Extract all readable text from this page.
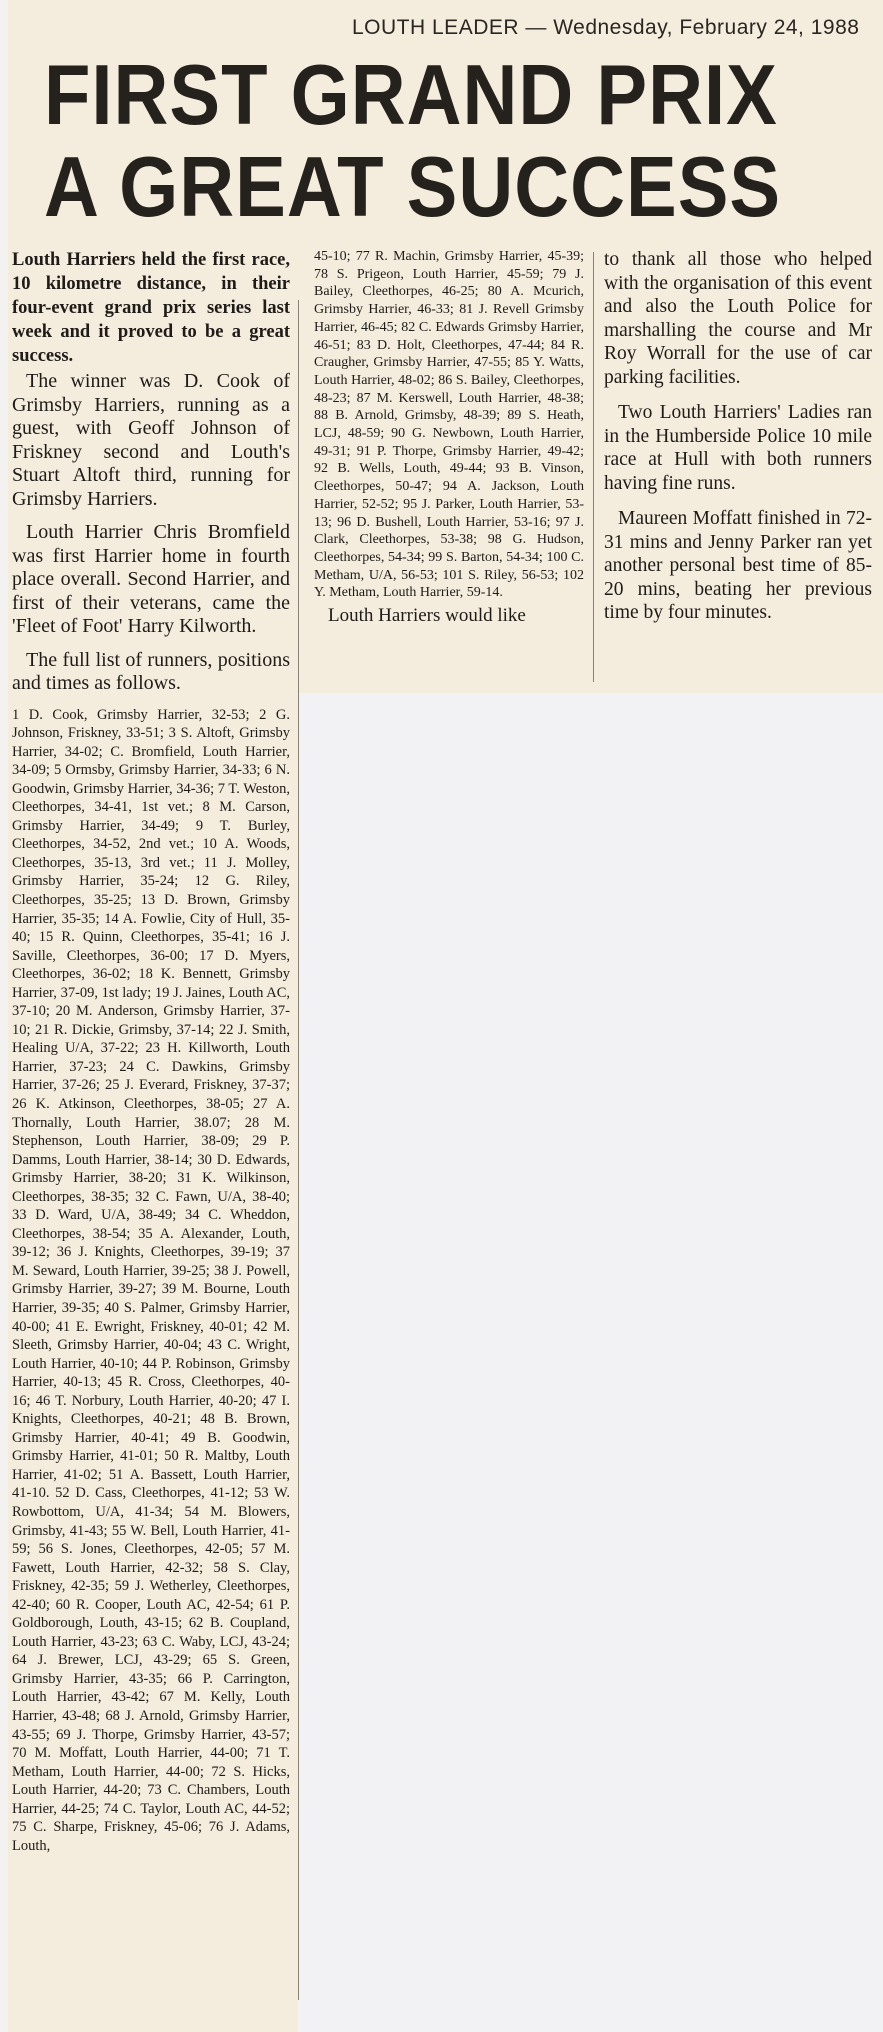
LOUTH LEADER — Wednesday, February 24, 1988
FIRST GRAND PRIX
A GREAT SUCCESS

Louth Harriers held the first race, 10 kilometre distance, in their four-event grand prix series last week and it proved to be a great success.

The winner was D. Cook of Grimsby Harriers, running as a guest, with Geoff Johnson of Friskney second and Louth's Stuart Altoft third, running for Grimsby Harriers.

Louth Harrier Chris Bromfield was first Harrier home in fourth place overall. Second Harrier, and first of their veterans, came the 'Fleet of Foot' Harry Kilworth.

The full list of runners, positions and times as follows.

1 D. Cook, Grimsby Harrier, 32-53; 2 G. Johnson, Friskney, 33-51; 3 S. Altoft, Grimsby Harrier, 34-02; C. Bromfield, Louth Harrier, 34-09; 5 Ormsby, Grimsby Harrier, 34-33; 6 N. Goodwin, Grimsby Harrier, 34-36; 7 T. Weston, Cleethorpes, 34-41, 1st vet.; 8 M. Carson, Grimsby Harrier, 34-49; 9 T. Burley, Cleethorpes, 34-52, 2nd vet.; 10 A. Woods, Cleethorpes, 35-13, 3rd vet.; 11 J. Molley, Grimsby Harrier, 35-24; 12 G. Riley, Cleethorpes, 35-25; 13 D. Brown, Grimsby Harrier, 35-35; 14 A. Fowlie, City of Hull, 35-40; 15 R. Quinn, Cleethorpes, 35-41; 16 J. Saville, Cleethorpes, 36-00; 17 D. Myers, Cleethorpes, 36-02; 18 K. Bennett, Grimsby Harrier, 37-09, 1st lady; 19 J. Jaines, Louth AC, 37-10; 20 M. Anderson, Grimsby Harrier, 37-10; 21 R. Dickie, Grimsby, 37-14; 22 J. Smith, Healing U/A, 37-22; 23 H. Killworth, Louth Harrier, 37-23; 24 C. Dawkins, Grimsby Harrier, 37-26; 25 J. Everard, Friskney, 37-37; 26 K. Atkinson, Cleethorpes, 38-05; 27 A. Thornally, Louth Harrier, 38.07; 28 M. Stephenson, Louth Harrier, 38-09; 29 P. Damms, Louth Harrier, 38-14; 30 D. Edwards, Grimsby Harrier, 38-20; 31 K. Wilkinson, Cleethorpes, 38-35; 32 C. Fawn, U/A, 38-40; 33 D. Ward, U/A, 38-49; 34 C. Wheddon, Cleethorpes, 38-54; 35 A. Alexander, Louth, 39-12; 36 J. Knights, Cleethorpes, 39-19; 37 M. Seward, Louth Harrier, 39-25; 38 J. Powell, Grimsby Harrier, 39-27; 39 M. Bourne, Louth Harrier, 39-35; 40 S. Palmer, Grimsby Harrier, 40-00; 41 E. Ewright, Friskney, 40-01; 42 M. Sleeth, Grimsby Harrier, 40-04; 43 C. Wright, Louth Harrier, 40-10; 44 P. Robinson, Grimsby Harrier, 40-13; 45 R. Cross, Cleethorpes, 40-16; 46 T. Norbury, Louth Harrier, 40-20; 47 I. Knights, Cleethorpes, 40-21; 48 B. Brown, Grimsby Harrier, 40-41; 49 B. Goodwin, Grimsby Harrier, 41-01; 50 R. Maltby, Louth Harrier, 41-02; 51 A. Bassett, Louth Harrier, 41-10. 52 D. Cass, Cleethorpes, 41-12; 53 W. Rowbottom, U/A, 41-34; 54 M. Blowers, Grimsby, 41-43; 55 W. Bell, Louth Harrier, 41-59; 56 S. Jones, Cleethorpes, 42-05; 57 M. Fawett, Louth Harrier, 42-32; 58 S. Clay, Friskney, 42-35; 59 J. Wetherley, Cleethorpes, 42-40; 60 R. Cooper, Louth AC, 42-54; 61 P. Goldborough, Louth, 43-15; 62 B. Coupland, Louth Harrier, 43-23; 63 C. Waby, LCJ, 43-24; 64 J. Brewer, LCJ, 43-29; 65 S. Green, Grimsby Harrier, 43-35; 66 P. Carrington, Louth Harrier, 43-42; 67 M. Kelly, Louth Harrier, 43-48; 68 J. Arnold, Grimsby Harrier, 43-55; 69 J. Thorpe, Grimsby Harrier, 43-57; 70 M. Moffatt, Louth Harrier, 44-00; 71 T. Metham, Louth Harrier, 44-00; 72 S. Hicks, Louth Harrier, 44-20; 73 C. Chambers, Louth Harrier, 44-25; 74 C. Taylor, Louth AC, 44-52; 75 C. Sharpe, Friskney, 45-06; 76 J. Adams, Louth,

45-10; 77 R. Machin, Grimsby Harrier, 45-39; 78 S. Prigeon, Louth Harrier, 45-59; 79 J. Bailey, Cleethorpes, 46-25; 80 A. Mcurich, Grimsby Harrier, 46-33; 81 J. Revell Grimsby Harrier, 46-45; 82 C. Edwards Grimsby Harrier, 46-51; 83 D. Holt, Cleethorpes, 47-44; 84 R. Craugher, Grimsby Harrier, 47-55; 85 Y. Watts, Louth Harrier, 48-02; 86 S. Bailey, Cleethorpes, 48-23; 87 M. Kerswell, Louth Harrier, 48-38; 88 B. Arnold, Grimsby, 48-39; 89 S. Heath, LCJ, 48-59; 90 G. Newbown, Louth Harrier, 49-31; 91 P. Thorpe, Grimsby Harrier, 49-42; 92 B. Wells, Louth, 49-44; 93 B. Vinson, Cleethorpes, 50-47; 94 A. Jackson, Louth Harrier, 52-52; 95 J. Parker, Louth Harrier, 53-13; 96 D. Bushell, Louth Harrier, 53-16; 97 J. Clark, Cleethorpes, 53-38; 98 G. Hudson, Cleethorpes, 54-34; 99 S. Barton, 54-34; 100 C. Metham, U/A, 56-53; 101 S. Riley, 56-53; 102 Y. Metham, Louth Harrier, 59-14.

Louth Harriers would like

to thank all those who helped with the organisation of this event and also the Louth Police for marshalling the course and Mr Roy Worrall for the use of car parking facilities.

Two Louth Harriers' Ladies ran in the Humberside Police 10 mile race at Hull with both runners having fine runs.

Maureen Moffatt finished in 72-31 mins and Jenny Parker ran yet another personal best time of 85-20 mins, beating her previous time by four minutes.
